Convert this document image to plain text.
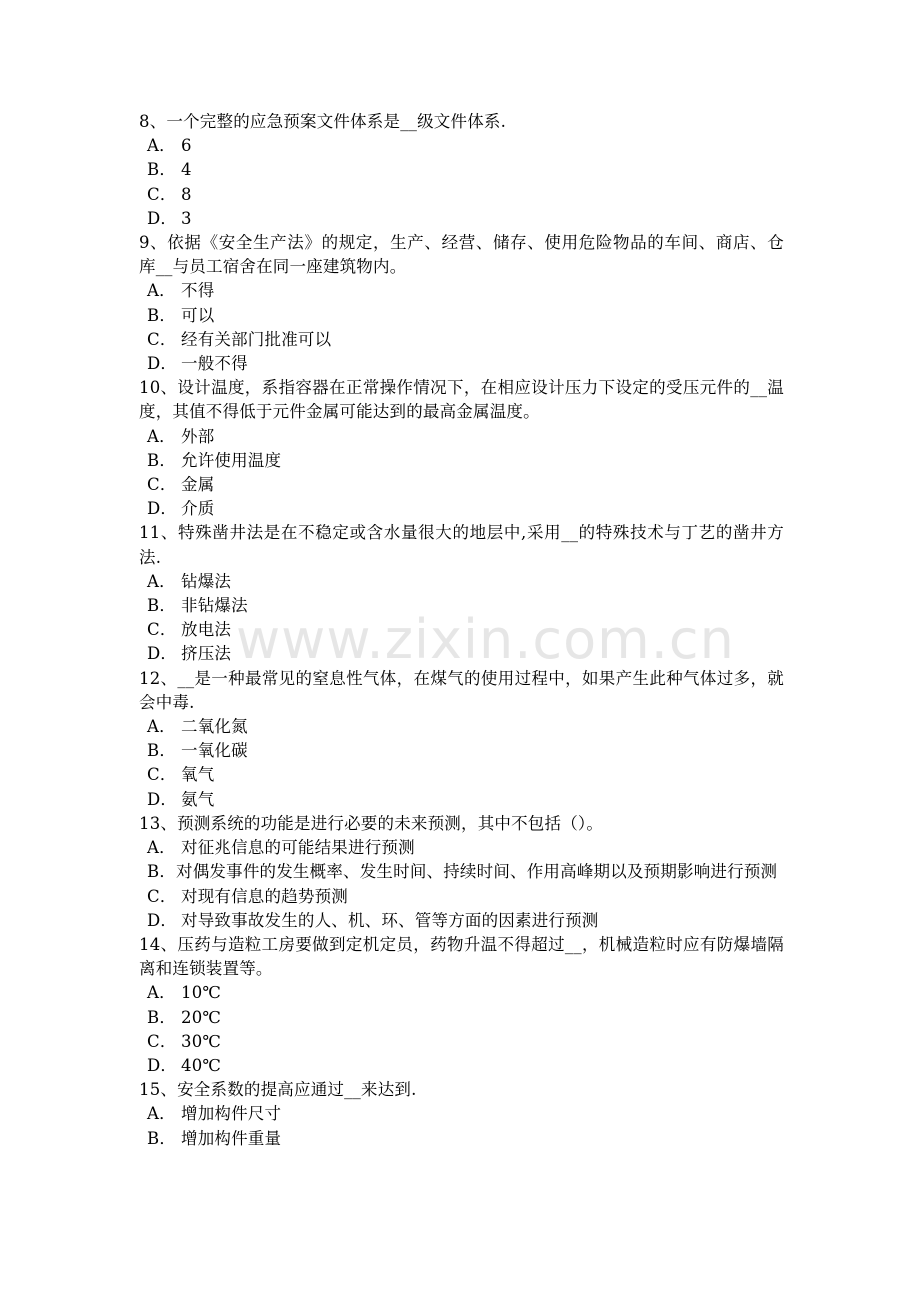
8、一个完整的应急预案文件体系是__级文件体系.

A． 6

B． 4

C． 8

D． 3

9、依据《安全生产法》的规定，生产、经营、储存、使用危险物品的车间、商店、仓库__与员工宿舍在同一座建筑物内。

A． 不得

B． 可以

C． 经有关部门批准可以

D． 一般不得

10、设计温度，系指容器在正常操作情况下，在相应设计压力下设定的受压元件的__温度，其值不得低于元件金属可能达到的最高金属温度。

A． 外部

B． 允许使用温度

C． 金属

D． 介质

11、特殊凿井法是在不稳定或含水量很大的地层中,采用__的特殊技术与丁艺的凿井方法.

A． 钻爆法

B． 非钻爆法

C． 放电法

D． 挤压法

12、__是一种最常见的窒息性气体，在煤气的使用过程中，如果产生此种气体过多，就会中毒.

A． 二氧化氮

B． 一氧化碳

C． 氧气

D． 氨气

13、预测系统的功能是进行必要的未来预测，其中不包括（）。

A． 对征兆信息的可能结果进行预测

B．对偶发事件的发生概率、发生时间、持续时间、作用高峰期以及预期影响进行预测

C． 对现有信息的趋势预测

D． 对导致事故发生的人、机、环、管等方面的因素进行预测

14、压药与造粒工房要做到定机定员，药物升温不得超过__，机械造粒时应有防爆墙隔离和连锁装置等。

A． 10℃

B． 20℃

C． 30℃

D． 40℃

15、安全系数的提高应通过__来达到.

A． 增加构件尺寸

B． 增加构件重量

www.zixin.com.cn
